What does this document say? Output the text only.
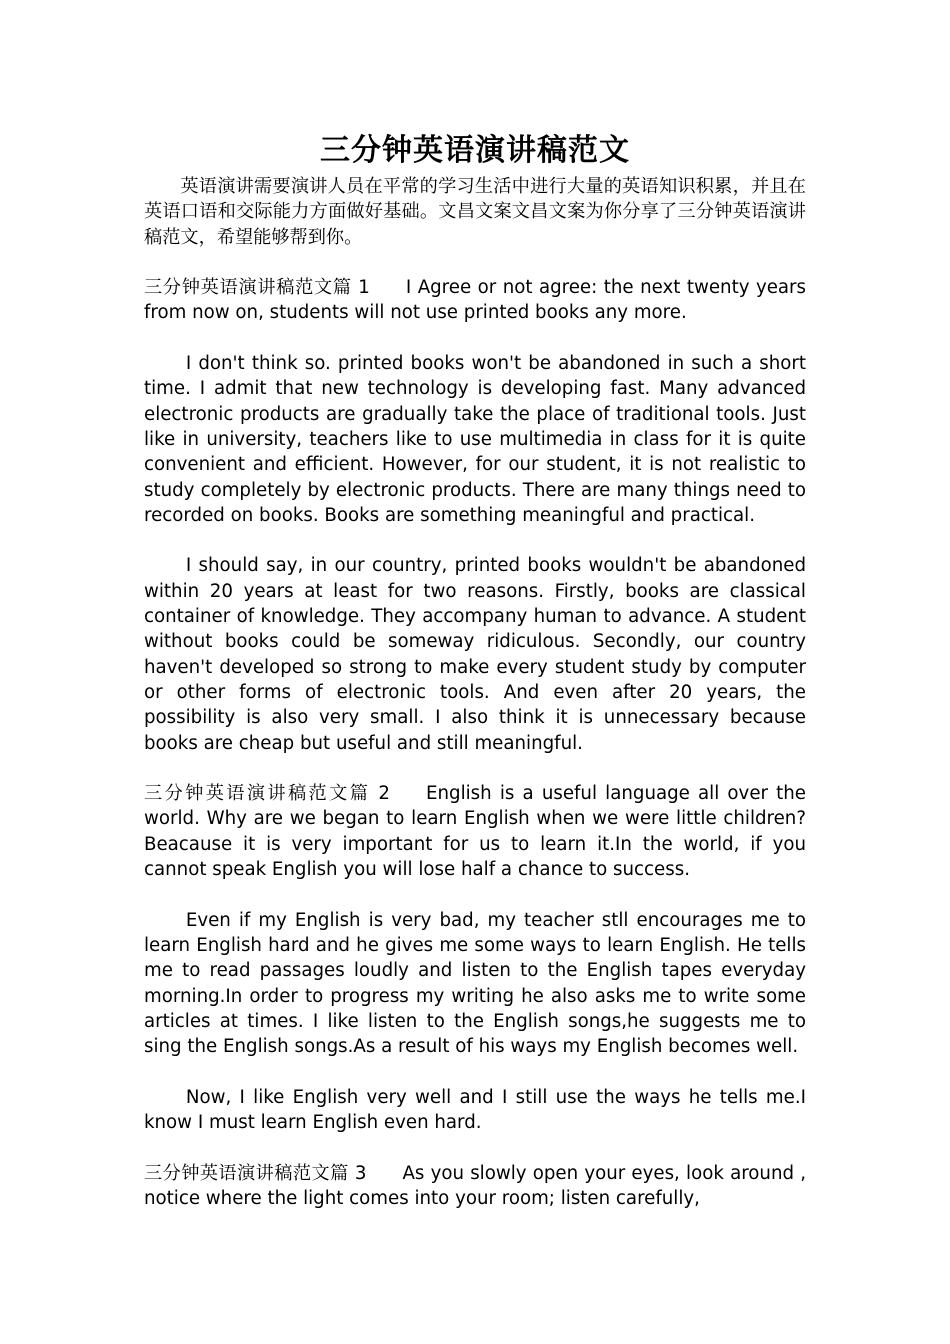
三分钟英语演讲稿范文

英语演讲需要演讲人员在平常的学习生活中进行大量的英语知识积累，并且在英语口语和交际能力方面做好基础。文昌文案文昌文案为你分享了三分钟英语演讲稿范文，希望能够帮到你。

三分钟英语演讲稿范文篇 1 I Agree or not agree: the next twenty years from now on, students will not use printed books any more.

I don't think so. printed books won't be abandoned in such a short time. I admit that new technology is developing fast. Many advanced electronic products are gradually take the place of traditional tools. Just like in university, teachers like to use multimedia in class for it is quite convenient and efficient. However, for our student, it is not realistic to study completely by electronic products. There are many things need to recorded on books. Books are something meaningful and practical.

I should say, in our country, printed books wouldn't be abandoned within 20 years at least for two reasons. Firstly, books are classical container of knowledge. They accompany human to advance. A student without books could be someway ridiculous. Secondly, our country haven't developed so strong to make every student study by computer or other forms of electronic tools. And even after 20 years, the possibility is also very small. I also think it is unnecessary because books are cheap but useful and still meaningful.

三分钟英语演讲稿范文篇 2 English is a useful language all over the world. Why are we began to learn English when we were little children? Beacause it is very important for us to learn it.In the world, if you cannot speak English you will lose half a chance to success.

Even if my English is very bad, my teacher stll encourages me to learn English hard and he gives me some ways to learn English. He tells me to read passages loudly and listen to the English tapes everyday morning.In order to progress my writing he also asks me to write some articles at times. I like listen to the English songs,he suggests me to sing the English songs.As a result of his ways my English becomes well.

Now, I like English very well and I still use the ways he tells me.I know I must learn English even hard.

三分钟英语演讲稿范文篇 3 As you slowly open your eyes, look around , notice where the light comes into your room; listen carefully,
